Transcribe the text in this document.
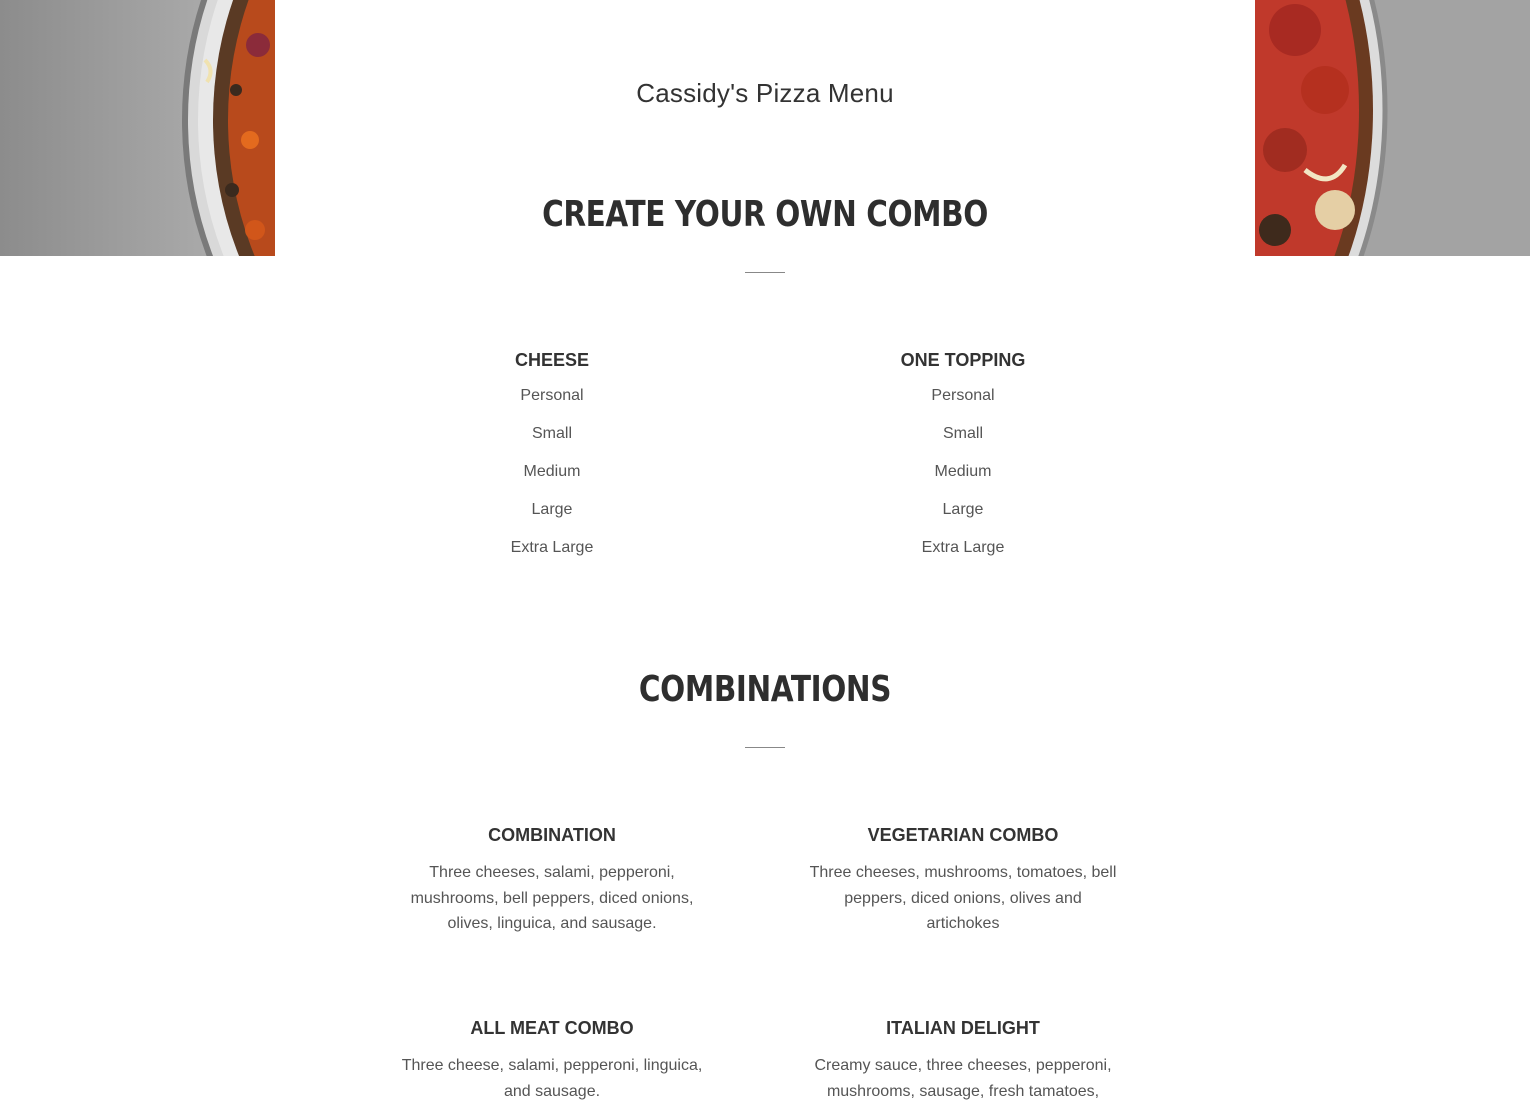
Cassidy's Pizza Menu
CREATE YOUR OWN COMBO
CHEESE
Personal
Small
Medium
Large
Extra Large
ONE TOPPING
Personal
Small
Medium
Large
Extra Large
COMBINATIONS
COMBINATION
Three cheeses, salami, pepperoni, mushrooms, bell peppers, diced onions, olives, linguica, and sausage.
VEGETARIAN COMBO
Three cheeses, mushrooms, tomatoes, bell peppers, diced onions, olives and artichokes
ALL MEAT COMBO
Three cheese, salami, pepperoni, linguica, and sausage.
ITALIAN DELIGHT
Creamy sauce, three cheeses, pepperoni, mushrooms, sausage, fresh tamatoes,
